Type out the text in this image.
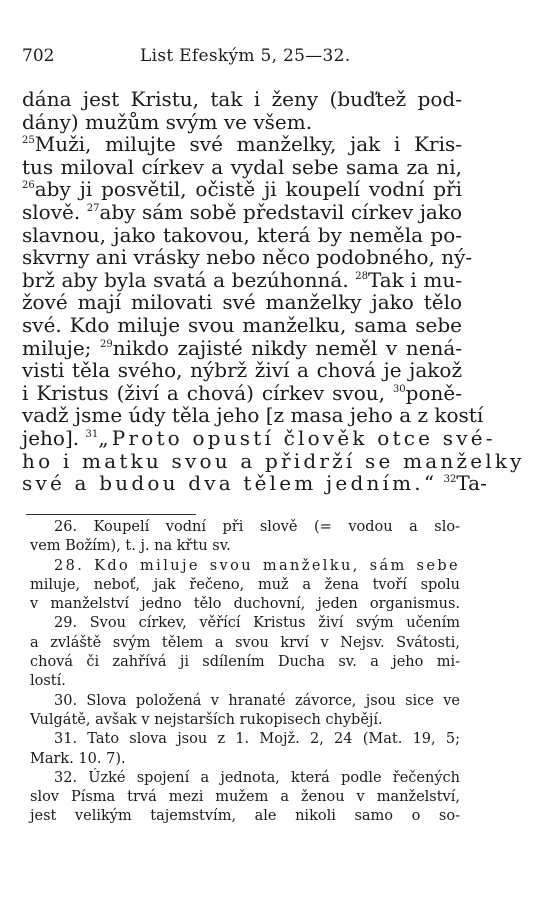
702	List Efeským 5, 25—32.
dána jest Kristu, tak i ženy (buďtež pod-
dány) mužům svým ve všem.
$^{25}$Muži, milujte své manželky, jak i Kris-
tus miloval církev a vydal sebe sama za ni,
$^{26}$aby ji posvětil, očistě ji koupelí vodní při
slově. $^{27}$aby sám sobě představil církev jako
slavnou, jako takovou, která by neměla po-
skvrny ani vrásky nebo něco podobného, ný-
brž aby byla svatá a bezúhonná. $^{28}$Tak i mu-
žové mají milovati své manželky jako tělo
své. Kdo miluje svou manželku, sama sebe
miluje; $^{29}$nikdo zajisté nikdy neměl v nená-
visti těla svého, nýbrž živí a chová je jakož
i Kristus (živí a chová) církev svou, $^{30}$poně-
vadž jsme údy těla jeho [z masa jeho a z kostí
jeho]. $^{31}$„Proto opustí člověk otce své-
ho i matku svou a přidrží se manželky
své a budou dva tělem jedním.“ $^{32}$Ta-
26. Koupelí vodní při slově (= vodou a slo-
vem Božím), t. j. na křtu sv.
28. Kdo miluje svou manželku, sám sebe
miluje, neboť, jak řečeno, muž a žena tvoří spolu
v manželství jedno tělo duchovní, jeden organismus.
29. Svou církev, věřící Kristus živí svým učením
a zvláště svým tělem a svou krví v Nejsv. Svátosti,
chová či zahřívá ji sdílením Ducha sv. a jeho mi-
lostí.
30. Slova položená v hranaté závorce, jsou sice ve
Vulgátě, avšak v nejstarších rukopisech chybějí.
31. Tato slova jsou z 1. Mojž. 2, 24 (Mat. 19, 5;
Mark. 10. 7).
32. Úzké spojení a jednota, která podle řečených
slov Písma trvá mezi mužem a ženou v manželství,
jest velikým tajemstvím, ale nikoli samo o so-
